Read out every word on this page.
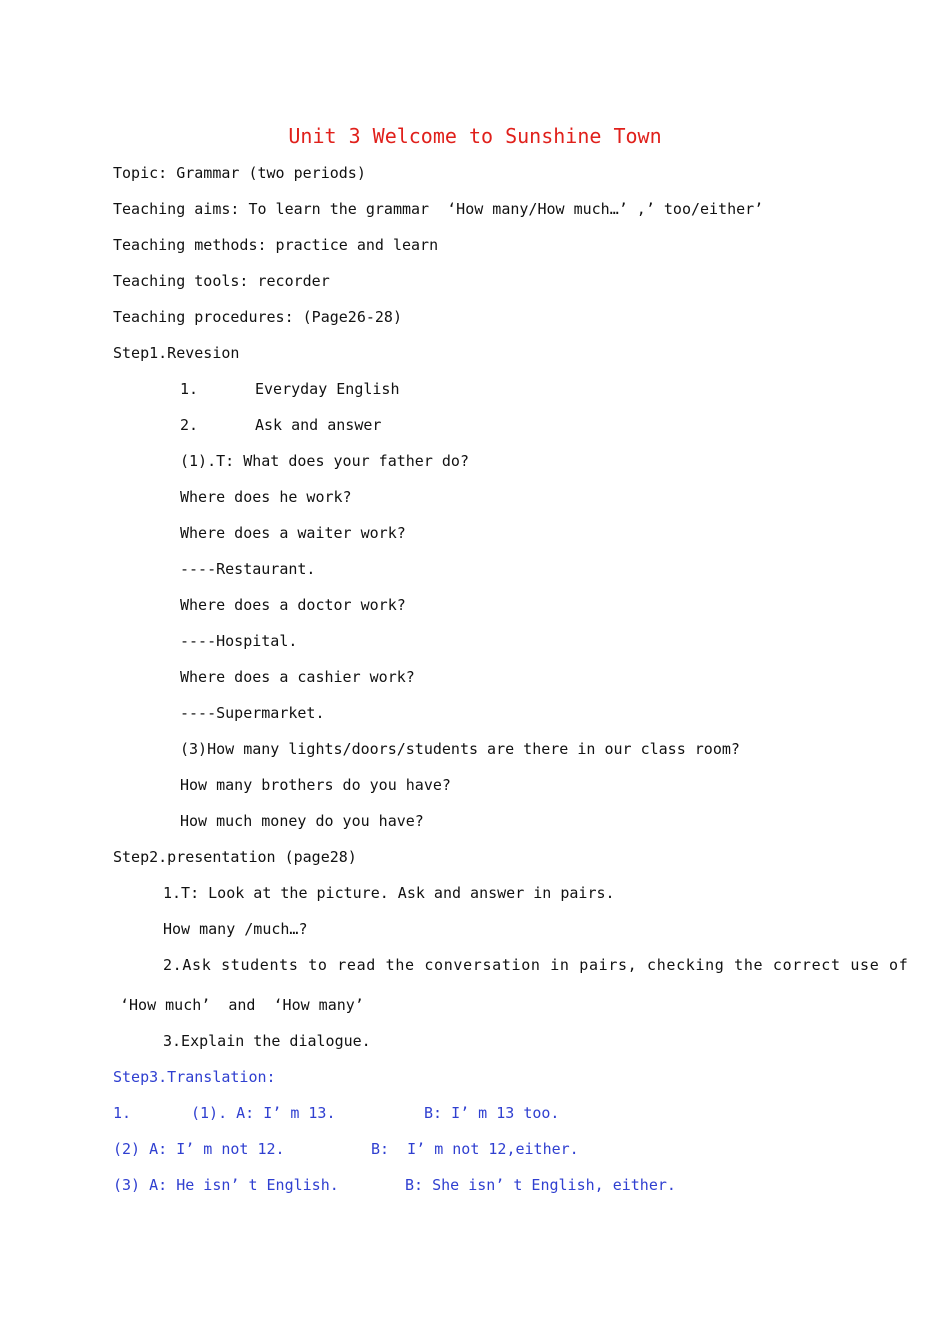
Unit 3 Welcome to Sunshine Town
Topic: Grammar (two periods)
Teaching aims: To learn the grammar  ‘How many/How much…’ ,’ too/either’
Teaching methods: practice and learn
Teaching tools: recorder
Teaching procedures: (Page26-28)
Step1.Revesion
1.	Everyday English
2.	Ask and answer
(1).T: What does your father do?
Where does he work?
Where does a waiter work?
----Restaurant.
Where does a doctor work?
----Hospital.
Where does a cashier work?
----Supermarket.
(3)How many lights/doors/students are there in our class room?
How many brothers do you have?
How much money do you have?
Step2.presentation (page28)
1.T: Look at the picture. Ask and answer in pairs.
How many /much…?
2.Ask students to read the conversation in pairs, checking the correct use of
‘How much’  and  ‘How many’
3.Explain the dialogue.
Step3.Translation:
1.	(1). A: I’ m 13.	B: I’ m 13 too.
(2) A: I’ m not 12.	B:  I’ m not 12,either.
(3) A: He isn’ t English.	B: She isn’ t English, either.
